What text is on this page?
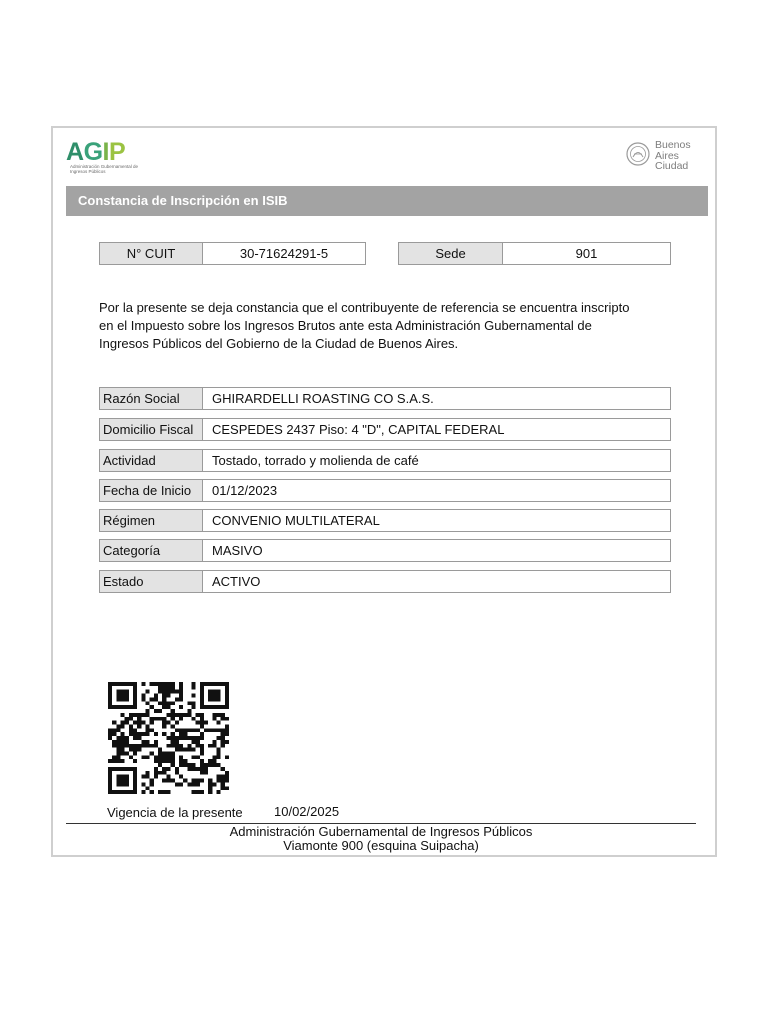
AGIP
Administración Gubernamental de Ingresos Públicos
Buenos
Aires
Ciudad
Constancia de Inscripción en ISIB
N° CUIT	30-71624291-5	Sede	901
Por la presente se deja constancia que el contribuyente de referencia se encuentra inscripto
en el Impuesto sobre los Ingresos Brutos ante esta Administración Gubernamental de
Ingresos Públicos del Gobierno de la Ciudad de Buenos Aires.
Razón Social	GHIRARDELLI ROASTING CO S.A.S.
Domicilio Fiscal	CESPEDES 2437 Piso: 4 "D", CAPITAL FEDERAL
Actividad	Tostado, torrado y molienda de café
Fecha de Inicio	01/12/2023
Régimen	CONVENIO MULTILATERAL
Categoría	MASIVO
Estado	ACTIVO
Vigencia de la presente 10/02/2025
Administración Gubernamental de Ingresos Públicos
Viamonte 900 (esquina Suipacha)
